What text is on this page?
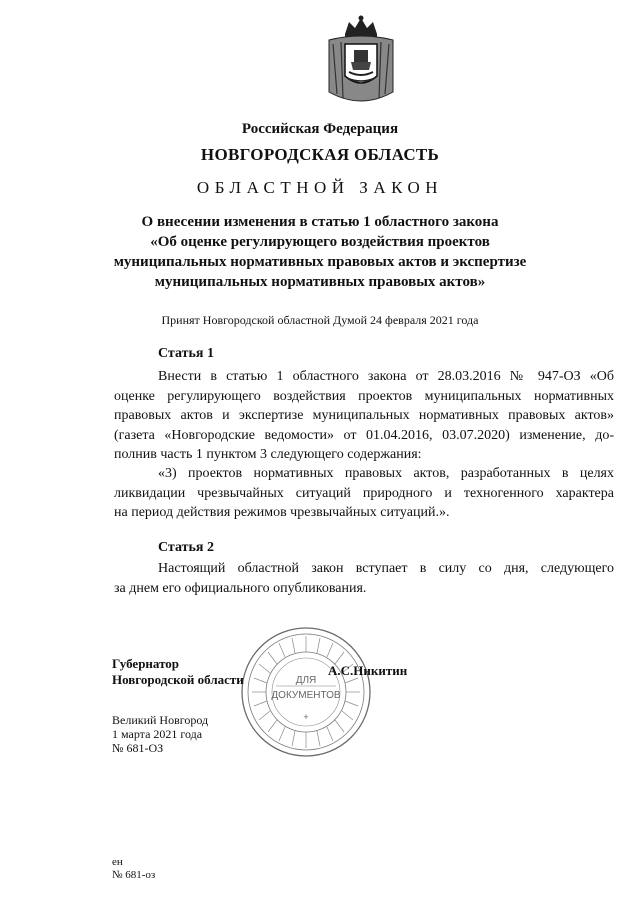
Российская Федерация
НОВГОРОДСКАЯ ОБЛАСТЬ
ОБЛАСТНОЙ ЗАКОН
О внесении изменения в статью 1 областного закона
«Об оценке регулирующего воздействия проектов
муниципальных нормативных правовых актов и экспертизе
муниципальных нормативных правовых актов»
Принят Новгородской областной Думой 24 февраля 2021 года
Статья 1
Внести в статью 1 областного закона от 28.03.2016 № 947-ОЗ «Об
оценке регулирующего воздействия проектов муниципальных нормативных
правовых актов и экспертизе муниципальных нормативных правовых актов»
(газета «Новгородские ведомости» от 01.04.2016, 03.07.2020) изменение, до-
полнив часть 1 пунктом 3 следующего содержания:
«3) проектов нормативных правовых актов, разработанных в целях
ликвидации чрезвычайных ситуаций природного и техногенного характера
на период действия режимов чрезвычайных ситуаций.».
Статья 2
Настоящий областной закон вступает в силу со дня, следующего
за днем его официального опубликования.
ДЛЯ
ДОКУМЕНТОВ
+
Губернатор
Новгородской области
А.С.Никитин
Великий Новгород
1 марта 2021 года
№ 681-ОЗ
ен
№ 681-оз
